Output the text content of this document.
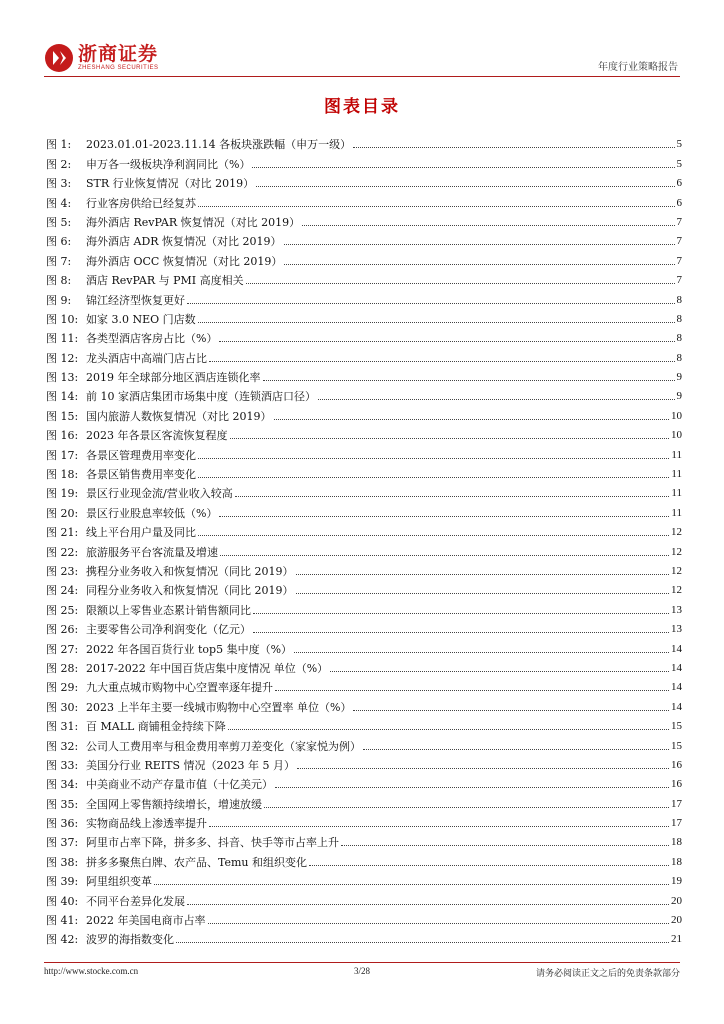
浙商证券
ZHESHANG SECURITIES	年度行业策略报告
图表目录
图 1:	2023.01.01-2023.11.14 各板块涨跌幅（申万一级）	5
图 2:	申万各一级板块净利润同比（%）	5
图 3:	STR 行业恢复情况（对比 2019）	6
图 4:	行业客房供给已经复苏	6
图 5:	海外酒店 RevPAR 恢复情况（对比 2019）	7
图 6:	海外酒店 ADR 恢复情况（对比 2019）	7
图 7:	海外酒店 OCC 恢复情况（对比 2019）	7
图 8:	酒店 RevPAR 与 PMI 高度相关	7
图 9:	锦江经济型恢复更好	8
图 10: 如家 3.0 NEO 门店数	8
图 11: 各类型酒店客房占比（%）	8
图 12: 龙头酒店中高端门店占比	8
图 13: 2019 年全球部分地区酒店连锁化率	9
图 14: 前 10 家酒店集团市场集中度（连锁酒店口径）	9
图 15: 国内旅游人数恢复情况（对比 2019）	10
图 16: 2023 年各景区客流恢复程度	10
图 17: 各景区管理费用率变化	11
图 18: 各景区销售费用率变化	11
图 19: 景区行业现金流/营业收入较高	11
图 20: 景区行业股息率较低（%）	11
图 21: 线上平台用户量及同比	12
图 22: 旅游服务平台客流量及增速	12
图 23: 携程分业务收入和恢复情况（同比 2019）	12
图 24: 同程分业务收入和恢复情况（同比 2019）	12
图 25: 限额以上零售业态累计销售额同比	13
图 26: 主要零售公司净利润变化（亿元）	13
图 27: 2022 年各国百货行业 top5 集中度（%）	14
图 28: 2017-2022 年中国百货店集中度情况 单位（%）	14
图 29: 九大重点城市购物中心空置率逐年提升	14
图 30: 2023 上半年主要一线城市购物中心空置率 单位（%）	14
图 31: 百 MALL 商铺租金持续下降	15
图 32: 公司人工费用率与租金费用率剪刀差变化（家家悦为例）	15
图 33: 美国分行业 REITS 情况（2023 年 5 月）	16
图 34: 中美商业不动产存量市值（十亿美元）	16
图 35: 全国网上零售额持续增长，增速放缓	17
图 36: 实物商品线上渗透率提升	17
图 37: 阿里市占率下降，拼多多、抖音、快手等市占率上升	18
图 38: 拼多多聚焦白牌、农产品、Temu 和组织变化	18
图 39: 阿里组织变革	19
图 40: 不同平台差异化发展	20
图 41: 2022 年美国电商市占率	20
图 42: 波罗的海指数变化	21
http://www.stocke.com.cn	3/28	请务必阅读正文之后的免责条款部分
